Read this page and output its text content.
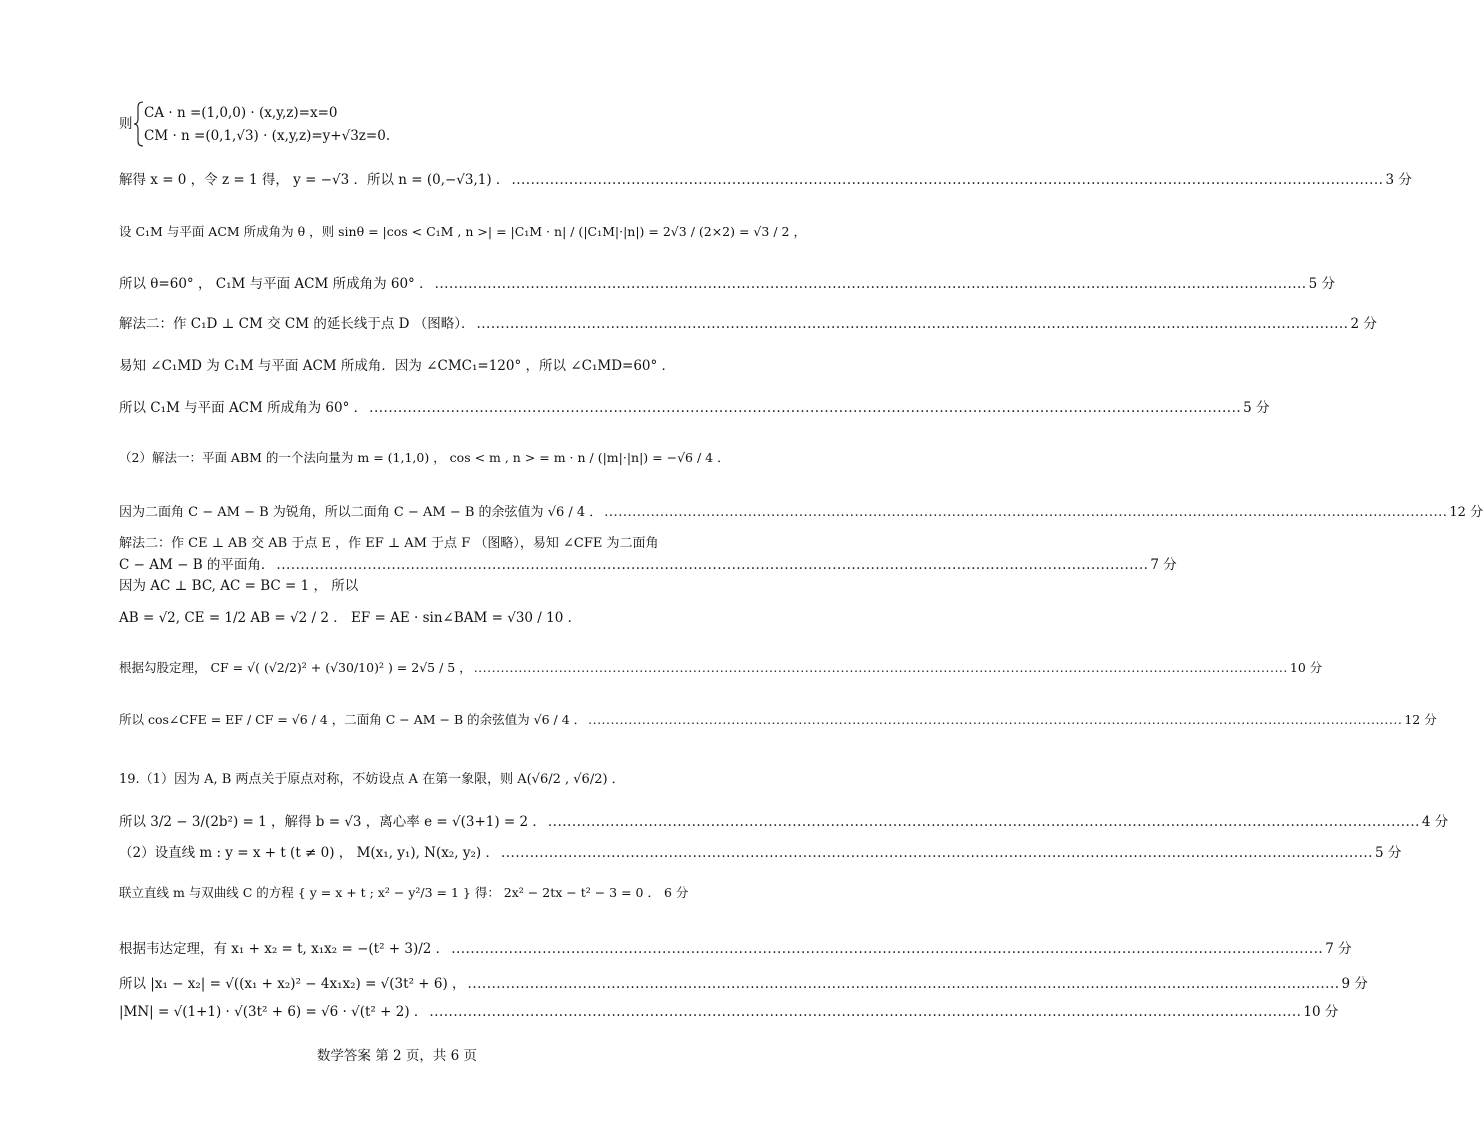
则
CA · n =(1,0,0) · (x,y,z)=x=0
CM · n =(0,1,√3) · (x,y,z)=y+√3z=0.
解得 x = 0 ，令 z = 1 得， y = −√3 ．所以 n = (0,−√3,1) ． ...................................................................................................................................................................................... 3 分
设 C₁M 与平面 ACM 所成角为 θ ，则 sinθ = |cos < C₁M , n >| = |C₁M · n| / (|C₁M|·|n|) = 2√3 / (2×2) = √3 / 2 ，
所以 θ=60° ， C₁M 与平面 ACM 所成角为 60° ． ...................................................................................................................................................................................... 5 分
解法二：作 C₁D ⊥ CM 交 CM 的延长线于点 D （图略）． ...................................................................................................................................................................................... 2 分
易知 ∠C₁MD 为 C₁M 与平面 ACM 所成角．因为 ∠CMC₁=120° ，所以 ∠C₁MD=60° ．
所以 C₁M 与平面 ACM 所成角为 60° ． ...................................................................................................................................................................................... 5 分
（2）解法一：平面 ABM 的一个法向量为 m = (1,1,0) ， cos < m , n > = m · n / (|m|·|n|) = −√6 / 4 ．
因为二面角 C − AM − B 为锐角，所以二面角 C − AM − B 的余弦值为 √6 / 4 ． ...................................................................................................................................................................................... 12 分
解法二：作 CE ⊥ AB 交 AB 于点 E ，作 EF ⊥ AM 于点 F （图略），易知 ∠CFE 为二面角
C − AM − B 的平面角． ...................................................................................................................................................................................... 7 分
因为 AC ⊥ BC, AC = BC = 1 ， 所以
AB = √2, CE = 1/2 AB = √2 / 2 ． EF = AE · sin∠BAM = √30 / 10 ．
根据勾股定理， CF = √( (√2/2)² + (√30/10)² ) = 2√5 / 5 ， ...................................................................................................................................................................................... 10 分
所以 cos∠CFE = EF / CF = √6 / 4 ，二面角 C − AM − B 的余弦值为 √6 / 4 ． ...................................................................................................................................................................................... 12 分
19.（1）因为 A, B 两点关于原点对称，不妨设点 A 在第一象限，则 A(√6/2 , √6/2) ．
所以 3/2 − 3/(2b²) = 1 ，解得 b = √3 ，离心率 e = √(3+1) = 2 ． ...................................................................................................................................................................................... 4 分
（2）设直线 m : y = x + t (t ≠ 0) ， M(x₁, y₁), N(x₂, y₂) ． ...................................................................................................................................................................................... 5 分
联立直线 m 与双曲线 C 的方程 { y = x + t ; x² − y²/3 = 1 } 得： 2x² − 2tx − t² − 3 = 0 ． 6 分
根据韦达定理，有 x₁ + x₂ = t, x₁x₂ = −(t² + 3)/2 ． ...................................................................................................................................................................................... 7 分
所以 |x₁ − x₂| = √((x₁ + x₂)² − 4x₁x₂) = √(3t² + 6) ， ...................................................................................................................................................................................... 9 分
|MN| = √(1+1) · √(3t² + 6) = √6 · √(t² + 2) ． ...................................................................................................................................................................................... 10 分
数学答案 第 2 页，共 6 页
